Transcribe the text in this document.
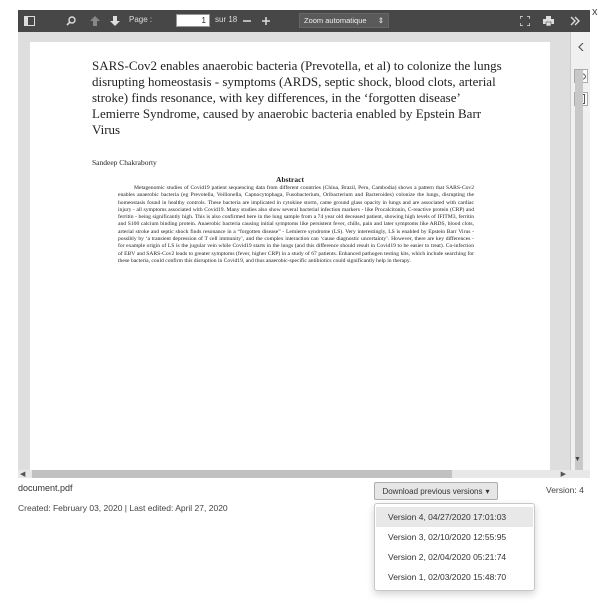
Page :	1	sur 18	Zoom automatique ⇕
SARS-Cov2 enables anaerobic bacteria (Prevotella, et al) to colonize the lungs disrupting homeostasis - symptoms (ARDS, septic shock, blood clots, arterial stroke) finds resonance, with key differences, in the ‘forgotten disease’ Lemierre Syndrome, caused by anaerobic bacteria enabled by Epstein Barr Virus
Sandeep Chakraborty
Abstract
Metagenomic studies of Covid19 patient sequencing data from different countries (China, Brazil, Peru, Cambodia) shows a pattern that SARS-Cov2 enables anaerobic bacteria (eg Prevotella, Veillonella, Capnocytophaga, Fusobacterium, Oribacterium and Bacteroides) colonize the lungs, disrupting the homeostasis found in healthy controls. These bacteria are implicated in cytokine storm, came ground glass opacity in lungs and are associated with cardiac injury - all symptoms associated with Covid19. Many studies also show several bacterial infection markers - like Procalcitonin, C-reactive protein (CRP) and ferritin - being significantly high. This is also confirmed here in the lung sample from a 74 year old deceased patient, showing high levels of IFITM3, ferritin and S100 calcium binding protein. Anaerobic bacteria causing initial symptoms like persistent fever, chills, pain and later symptoms like ARDS, blood clots, arterial stroke and septic shock finds resonance in a “forgotten disease” - Lemierre syndrome (LS). Very interestingly, LS is enabled by Epstein Barr Virus - possibly by ‘a transient depression of T cell immunity’, and the complex interaction can ‘cause diagnostic uncertainty’. However, there are key differences - for example origin of LS is the jugular vein while Covid19 starts in the lungs (and this difference should result in Covid19 to be easier to treat). Co-infection of EBV and SARS-Cov2 leads to greater symptoms (fever, higher CRP) in a study of 67 patients. Enhanced pathogen testing kits, which include searching for these bacteria, could confirm this disruption in Covid19, and thus anaerobic-specific antibiotics could significantly help in therapy.
▼
◀	▶
x
document.pdf
Created: February 03, 2020 | Last edited: April 27, 2020
Download previous versions ▾	Version: 4
Version 4, 04/27/2020 17:01:03
Version 3, 02/10/2020 12:55:95
Version 2, 02/04/2020 05:21:74
Version 1, 02/03/2020 15:48:70
